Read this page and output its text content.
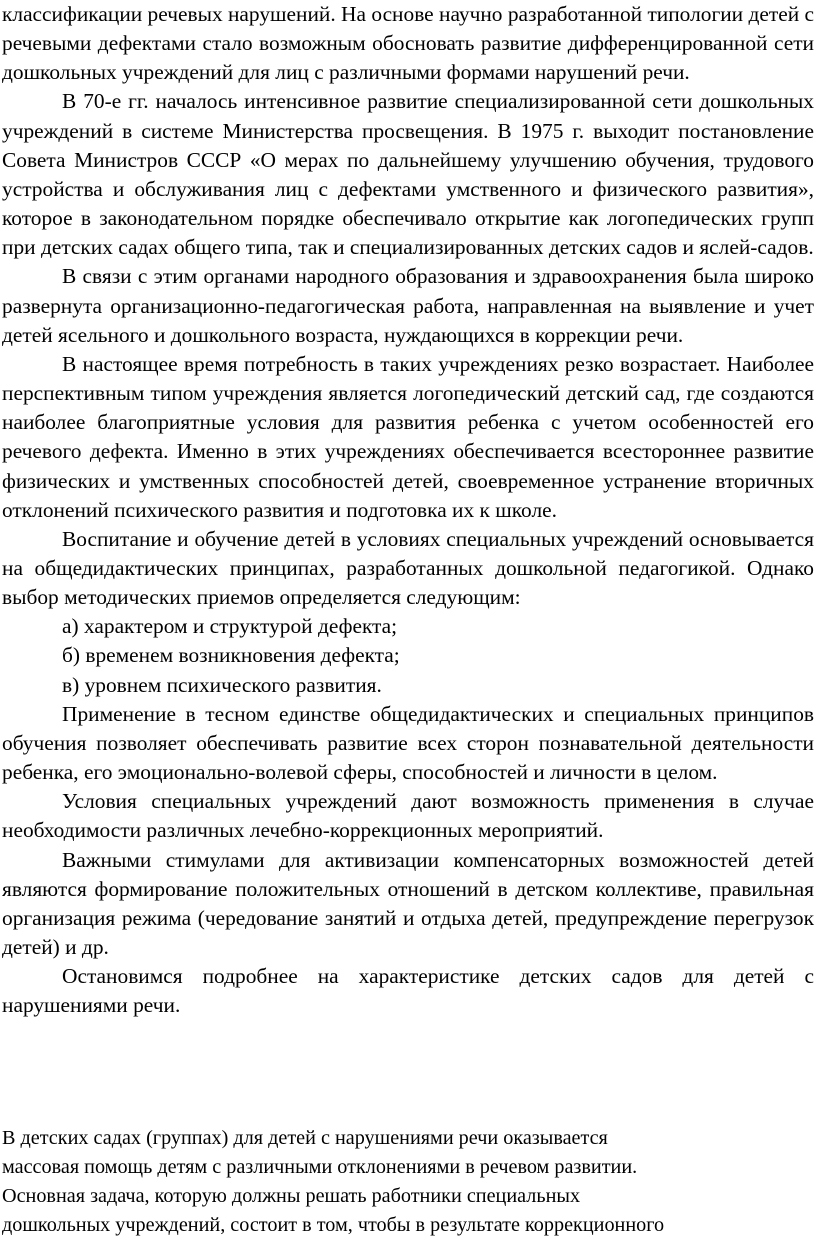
классификации речевых нарушений. На основе научно разработанной типологии детей с речевыми дефектами стало возможным обосновать развитие дифференцированной сети дошкольных учреждений для лиц с различными формами нарушений речи.

В 70-е гг. началось интенсивное развитие специализированной сети дошкольных учреждений в системе Министерства просвещения. В 1975 г. выходит постановление Совета Министров СССР «О мерах по дальнейшему улучшению обучения, трудового устройства и обслуживания лиц с дефектами умственного и физического развития», которое в законодательном порядке обеспечивало открытие как логопедических групп при детских садах общего типа, так и специализированных детских садов и яслей-садов.

В связи с этим органами народного образования и здравоохранения была широко развернута организационно-педагогическая работа, направленная на выявление и учет детей ясельного и дошкольного возраста, нуждающихся в коррекции речи.

В настоящее время потребность в таких учреждениях резко возрастает. Наиболее перспективным типом учреждения является логопедический детский сад, где создаются наиболее благоприятные условия для развития ребенка с учетом особенностей его речевого дефекта. Именно в этих учреждениях обеспечивается всестороннее развитие физических и умственных способностей детей, своевременное устранение вторичных отклонений психического развития и подготовка их к школе.

Воспитание и обучение детей в условиях специальных учреждений основывается на общедидактических принципах, разработанных дошкольной педагогикой. Однако выбор методических приемов определяется следующим:

а) характером и структурой дефекта;

б) временем возникновения дефекта;

в) уровнем психического развития.

Применение в тесном единстве общедидактических и специальных принципов обучения позволяет обеспечивать развитие всех сторон познавательной деятельности ребенка, его эмоционально-волевой сферы, способностей и личности в целом.

Условия специальных учреждений дают возможность применения в случае необходимости различных лечебно-коррекционных мероприятий.

Важными стимулами для активизации компенсаторных возможностей детей являются формирование положительных отношений в детском коллективе, правильная организация режима (чередование занятий и отдыха детей, предупреждение перегрузок детей) и др.

Остановимся подробнее на характеристике детских садов для детей с нарушениями речи.

В детских садах (группах) для детей с нарушениями речи оказывается

массовая помощь детям с различными отклонениями в речевом развитии.

Основная задача, которую должны решать работники специальных

дошкольных учреждений, состоит в том, чтобы в результате коррекционного
